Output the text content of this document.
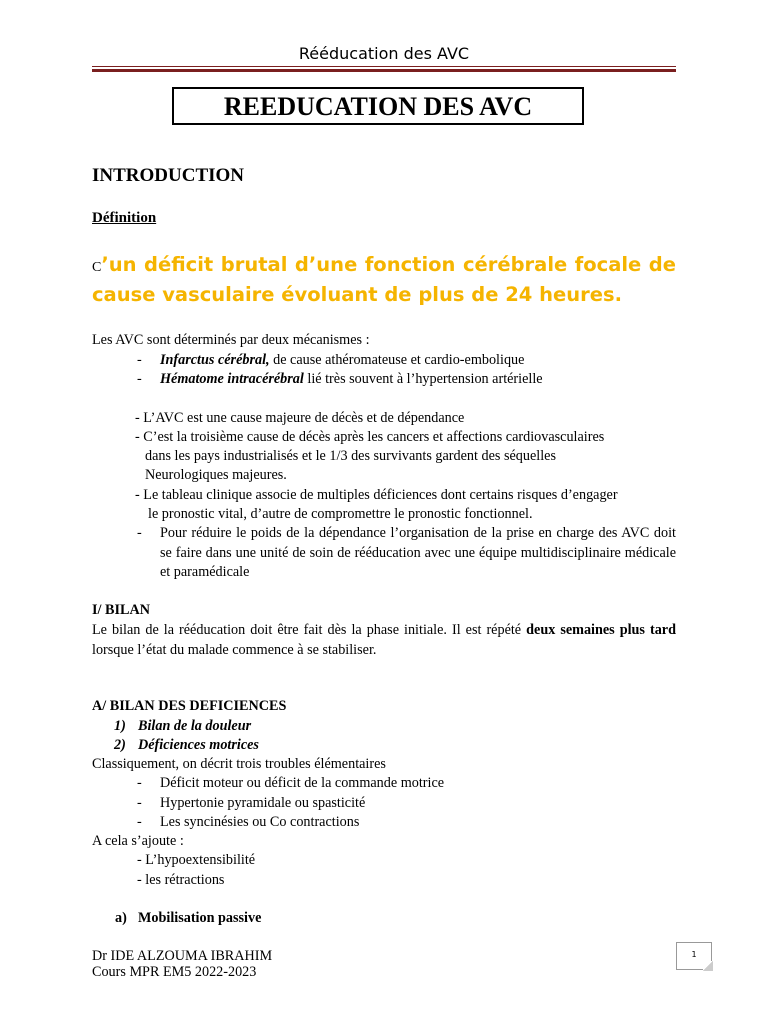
Rééducation des AVC
REEDUCATION DES AVC
INTRODUCTION
Définition
C’un déficit brutal d’une fonction cérébrale focale de cause vasculaire évoluant de plus de 24 heures.
Les AVC sont déterminés par deux mécanismes :
- Infarctus cérébral, de cause athéromateuse et cardio-embolique
- Hématome intracérébral lié très souvent à l’hypertension artérielle
- L’AVC est une cause majeure de décès et de dépendance
- C’est la troisième cause de décès après les cancers et affections cardiovasculaires
dans les pays industrialisés et le 1/3 des survivants gardent des séquelles
Neurologiques majeures.
- Le tableau clinique associe de multiples déficiences dont certains risques d’engager
le pronostic vital, d’autre de compromettre le pronostic fonctionnel.
- Pour réduire le poids de la dépendance l’organisation de la prise en charge des AVC doit se faire dans une unité de soin de rééducation avec une équipe multidisciplinaire médicale et paramédicale
I/ BILAN
Le bilan de la rééducation doit être fait dès la phase initiale. Il est répété deux semaines plus tard lorsque l’état du malade commence à se stabiliser.
A/ BILAN DES DEFICIENCES
1) Bilan de la douleur
2) Déficiences motrices
Classiquement, on décrit trois troubles élémentaires
- Déficit moteur ou déficit de la commande motrice
- Hypertonie pyramidale ou spasticité
- Les syncinésies ou Co contractions
A cela s’ajoute :
- L’hypoextensibilité
- les rétractions
a) Mobilisation passive
Dr IDE ALZOUMA IBRAHIM
Cours MPR EM5 2022-2023
1
